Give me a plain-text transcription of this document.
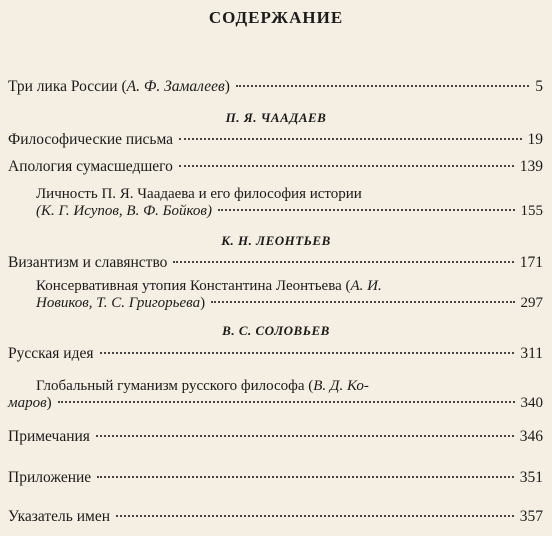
СОДЕРЖАНИЕ
Три лика России (А. Ф. Замалеев)	5
П. Я. ЧААДАЕВ
Философические письма	19
Апология сумасшедшего	139
Личность П. Я. Чаадаева и его философия истории
(К. Г. Исупов, В. Ф. Бойков)	155
К. Н. ЛЕОНТЬЕВ
Византизм и славянство	171
Консервативная утопия Константина Леонтьева ( А. И.
Новиков, Т. С. Григорьева)	297
В. С. СОЛОВЬЕВ
Русская идея	311
Глобальный гуманизм русского философа ( В. Д. Ко-
маров)	340
Примечания	346
Приложение	351
Указатель имен	357
